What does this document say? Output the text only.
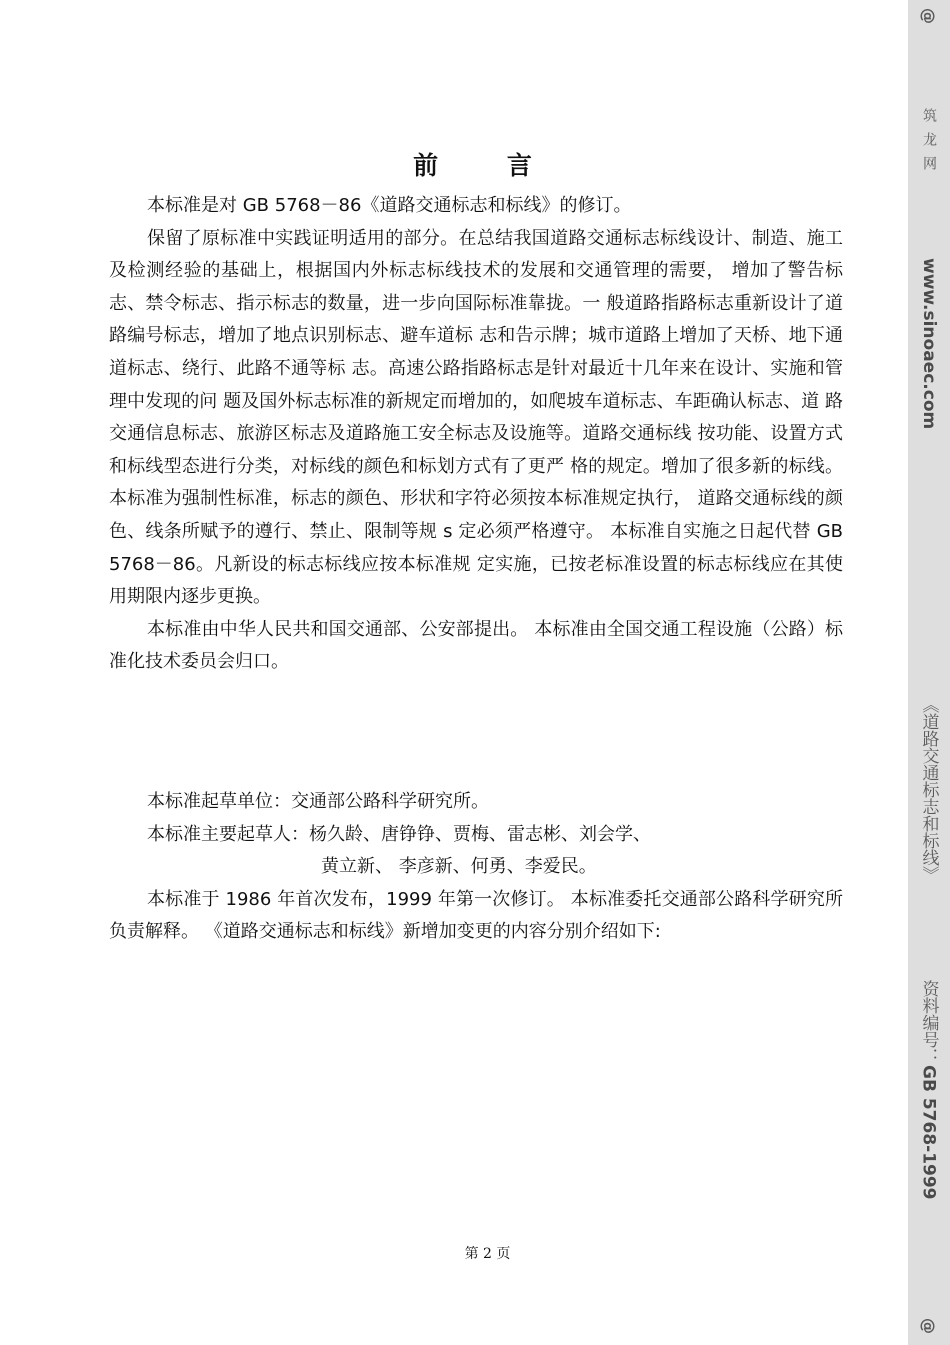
前 言

本标准是对 GB 5768－86《道路交通标志和标线》的修订。

保留了原标准中实践证明适用的部分。在总结我国道路交通标志标线设计、制造、施工 及检测经验的基础上，根据国内外标志标线技术的发展和交通管理的需要， 增加了警告标志、禁令标志、指示标志的数量，进一步向国际标准靠拢。一 般道路指路标志重新设计了道路编号标志，增加了地点识别标志、避车道标 志和告示牌；城市道路上增加了天桥、地下通道标志、绕行、此路不通等标 志。高速公路指路标志是针对最近十几年来在设计、实施和管理中发现的问 题及国外标志标准的新规定而增加的，如爬坡车道标志、车距确认标志、道 路交通信息标志、旅游区标志及道路施工安全标志及设施等。道路交通标线 按功能、设置方式和标线型态进行分类，对标线的颜色和标划方式有了更严 格的规定。增加了很多新的标线。 本标准为强制性标准，标志的颜色、形状和字符必须按本标准规定执行， 道路交通标线的颜色、线条所赋予的遵行、禁止、限制等规 s 定必须严格遵守。 本标准自实施之日起代替 GB 5768－86。凡新设的标志标线应按本标准规 定实施，已按老标准设置的标志标线应在其使用期限内逐步更换。

本标准由中华人民共和国交通部、公安部提出。 本标准由全国交通工程设施（公路）标准化技术委员会归口。

本标准起草单位：交通部公路科学研究所。

本标准主要起草人：杨久龄、唐铮铮、贾梅、雷志彬、刘会学、

黄立新、 李彦新、何勇、李爱民。

本标准于 1986 年首次发布，1999 年第一次修订。 本标准委托交通部公路科学研究所负责解释。 《道路交通标志和标线》新增加变更的内容分别介绍如下:

第 2 页
@
筑龙网
www.sinoaec.com
《道路交通标志和标线》
资料编号：GB 5768-1999
@
